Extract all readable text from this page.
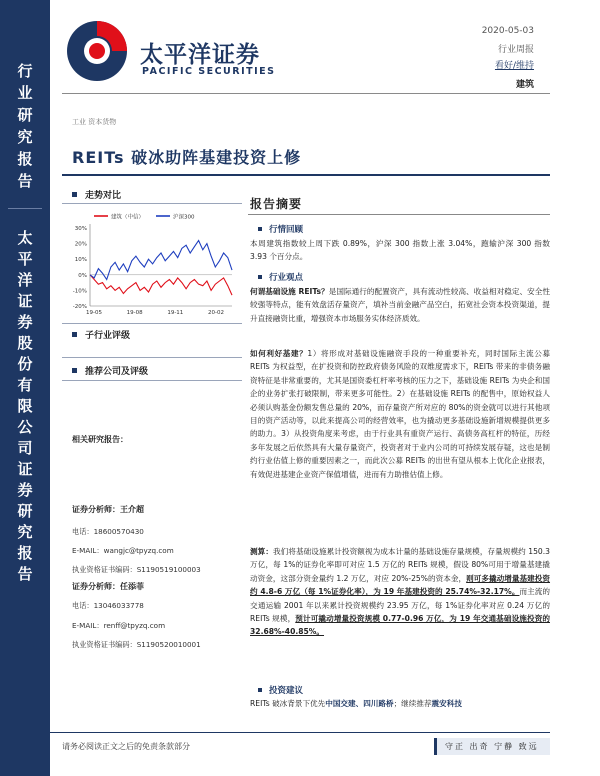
行业研究报告
太平洋证券股份有限公司证券研究报告
太平洋证券
PACIFIC SECURITIES
2020-05-03
行业周报
看好/维持
建筑
工业 资本货物
REITs 破冰助阵基建投资上修
走势对比
建筑（中信）	沪深300
30%
20%
10%
0%
-10%
-20%
19-05	19-08	19-11	20-02
子行业评级
推荐公司及评级
相关研究报告：
证券分析师：王介超
电话：18600570430
E-MAIL：wangjc@tpyzq.com
执业资格证书编码：S1190519100003
证券分析师：任添菲
电话：13046033778
E-MAIL：renff@tpyzq.com
执业资格证书编码：S1190520010001
报告摘要
行情回顾
本周建筑指数较上周下跌 0.89%，沪深 300 指数上涨 3.04%，跑输沪深 300 指数 3.93 个百分点。
行业观点
何谓基础设施 REITs？是国际通行的配置资产，具有流动性较高、收益相对稳定、安全性较强等特点，能有效盘活存量资产，填补当前金融产品空白，拓宽社会资本投资渠道，提升直接融资比重，增强资本市场服务实体经济质效。
如何利好基建？1）将形成对基础设施融资手段的一种重要补充，同时国际主流公募 REITs 为权益型，在扩投资和防控政府债务风险的双维度需求下，REITs 带来的非债务融资特征是非常重要的，尤其是国资委杠杆率考核的压力之下，基础设施 REITs 为央企和国企的业务扩张打破限制，带来更多可能性。2）在基础设施 REITs 的配售中，原始权益人必须认购基金份额发售总量的 20%，而存量资产所对应的 80%的资金就可以进行其他项目的资产活动等，以此来提高公司的经营效率，也为撬动更多基础设施新增规模提供更多的助力。3）从投资角度来考虑，由于行业具有重资产运行、高债务高杠杆的特征，历经多年发展之后依然具有大量存量资产，投资者对于业内公司的可持续发展存疑，这也是制约行业估值上修的重要因素之一，而此次公募 REITs 的出世有望从根本上优化企业报表，有效促进基建企业资产保值增值，进而有力助推估值上修。
测算：我们将基础设施累计投资额视为成本计量的基础设施存量规模，存量规模约 150.3 万亿，每 1%的证券化率即可对应 1.5 万亿的 REITs 规模，假设 80%可用于增量基建撬动资金，这部分资金量约 1.2 万亿，对应 20%-25%的资本金，则可多撬动增量基建投资约 4.8-6 万亿（每 1%证券化率），为 19 年基建投资的 25.74%-32.17%。而主流的交通运输 2001 年以来累计投资规模约 23.95 万亿，每 1%证券化率对应 0.24 万亿的 REITs 规模，预计可撬动增量投资规模 0.77-0.96 万亿，为 19 年交通基础设施投资的 32.68%-40.85%。
投资建议
REITs 破冰背景下优先中国交建、四川路桥；继续推荐震安科技
请务必阅读正文之后的免责条款部分	守正 出奇 宁静 致远
